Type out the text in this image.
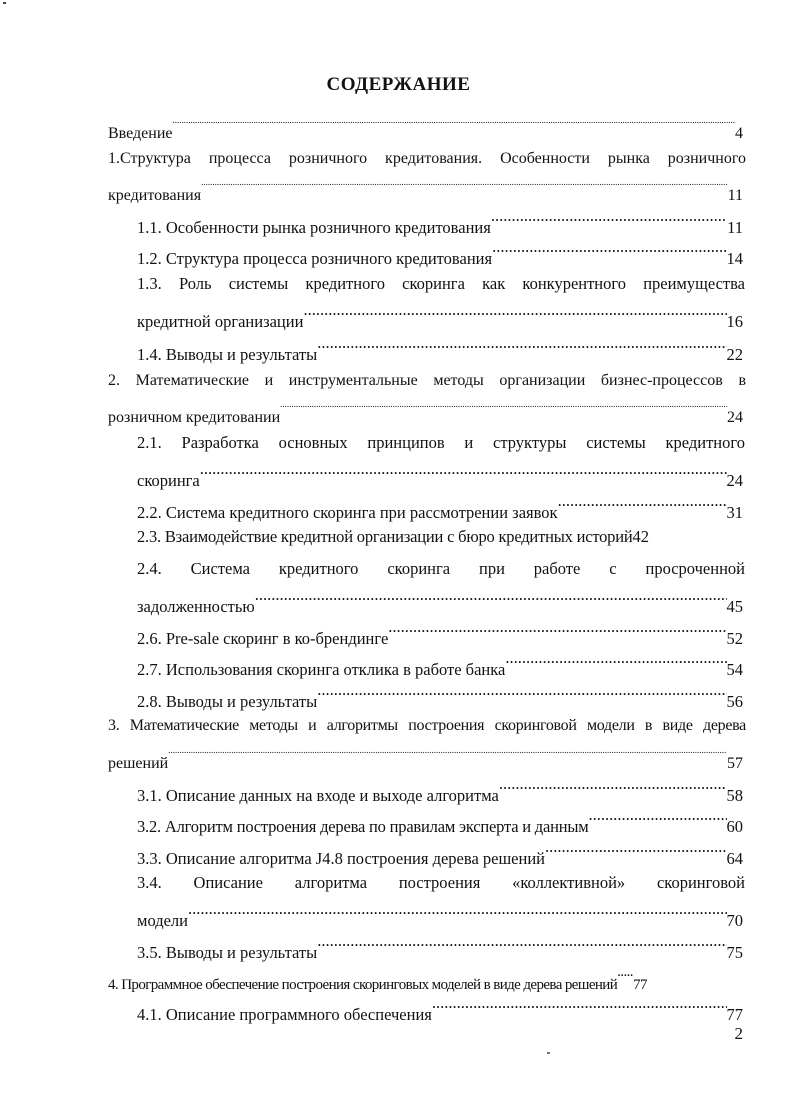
СОДЕРЖАНИЕ
Введение .....	4
1.Структура процесса розничного кредитования. Особенности рынка розничного
кредитования .....	11
1.1. Особенности рынка розничного кредитования .....	11
1.2. Структура процесса розничного кредитования .....	14
1.3. Роль системы кредитного скоринга как конкурентного преимущества
кредитной организации .....	16
1.4. Выводы и результаты .....	22
2. Математические и инструментальные методы организации бизнес-процессов в
розничном кредитовании .....	24
2.1. Разработка основных принципов и структуры системы кредитного
скоринга .....	24
2.2. Система кредитного скоринга при рассмотрении заявок .....	31
2.3. Взаимодействие кредитной организации с бюро кредитных историй 42
2.4. Система кредитного скоринга при работе с просроченной
задолженностью .....	45
2.6. Pre-sale скоринг в ко-брендинге .....	52
2.7. Использования скоринга отклика в работе банка .....	54
2.8. Выводы и результаты .....	56
3. Математические методы и алгоритмы построения скоринговой модели в виде дерева
решений .....	57
3.1. Описание данных на входе и выходе алгоритма .....	58
3.2. Алгоритм построения дерева по правилам эксперта и данным .....	60
3.3. Описание алгоритма J4.8 построения дерева решений .....	64
3.4. Описание алгоритма построения «коллективной» скоринговой
модели .....	70
3.5. Выводы и результаты .....	75
4. Программное обеспечение построения скоринговых моделей в виде дерева решений ..... 77
4.1. Описание программного обеспечения .....	77
2
